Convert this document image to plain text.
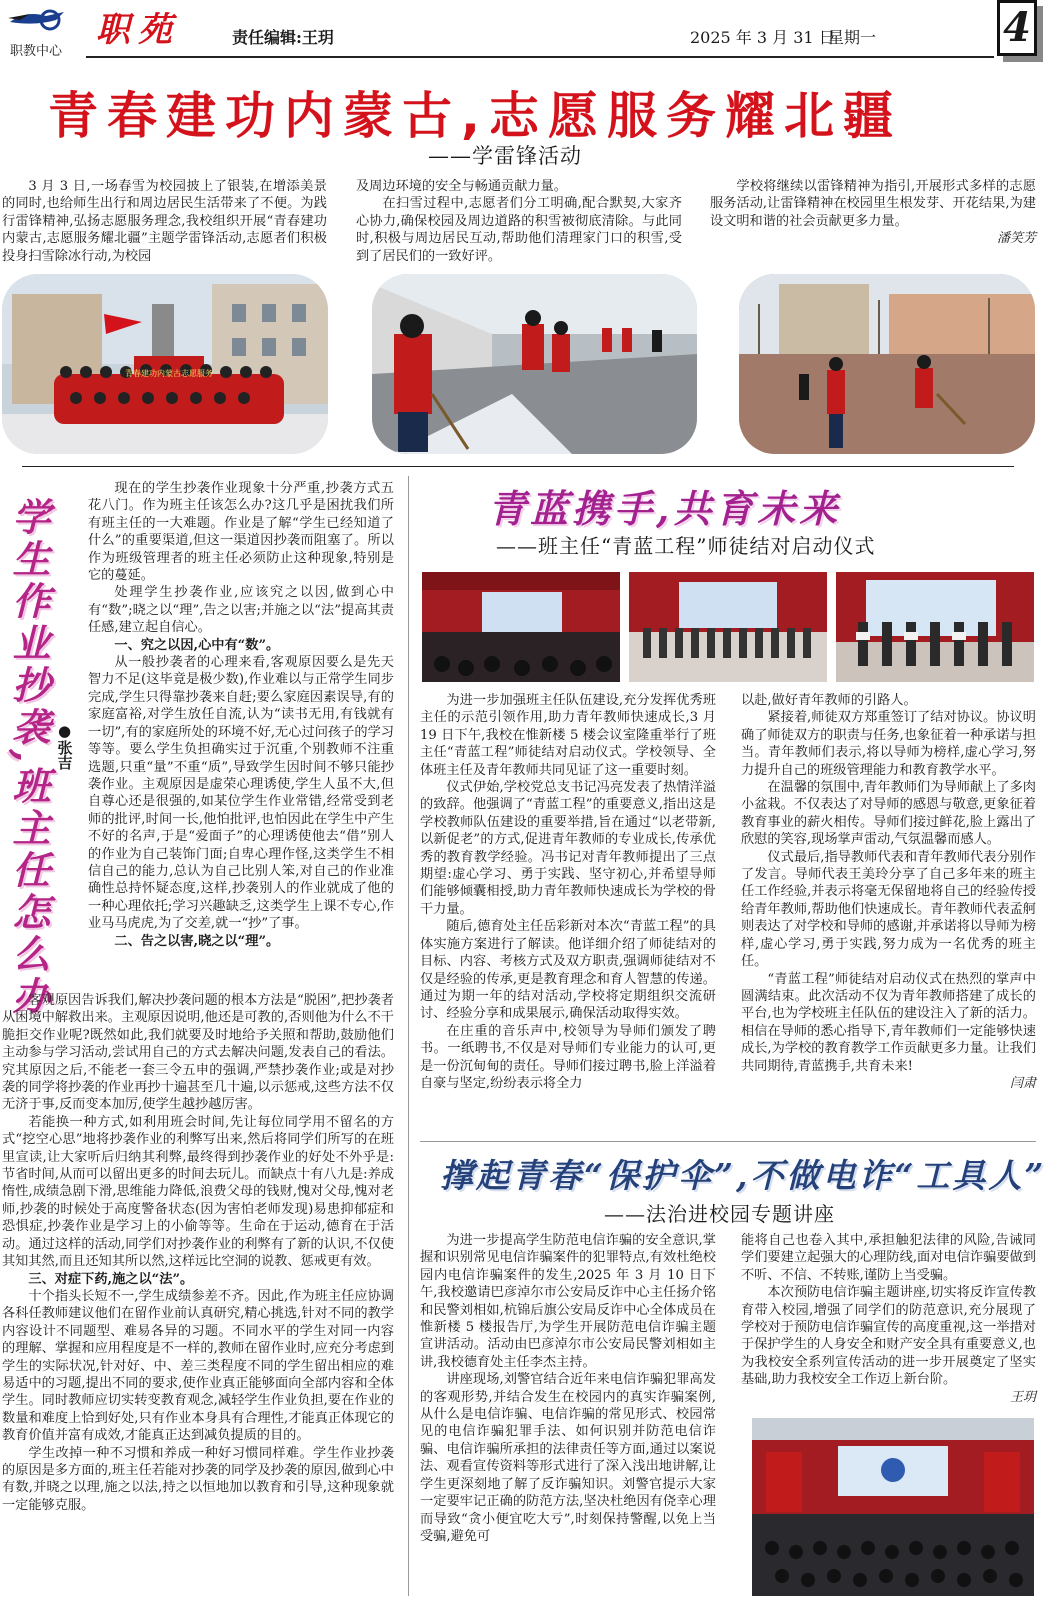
职教中心
职苑	责任编辑:王玥	2025 年 3 月 31 日
星期一	4
青春建功内蒙古,志愿服务耀北疆
——学雷锋活动
3 月 3 日,一场春雪为校园披上了银装,在增添美景的同时,也给师生出行和周边居民生活带来了不便。为践行雷锋精神,弘扬志愿服务理念,我校组织开展“青春建功内蒙古,志愿服务耀北疆”主题学雷锋活动,志愿者们积极投身扫雪除冰行动,为校园

及周边环境的安全与畅通贡献力量。

在扫雪过程中,志愿者们分工明确,配合默契,大家齐心协力,确保校园及周边道路的积雪被彻底清除。与此同时,积极与周边居民互动,帮助他们清理家门口的积雪,受到了居民们的一致好评。

学校将继续以雷锋精神为指引,开展形式多样的志愿服务活动,让雷锋精神在校园里生根发芽、开花结果,为建设文明和谐的社会贡献更多力量。

潘笑芳

青春建功内蒙古志愿服务
学生作业抄袭,班主任怎么办 ●张吉

现在的学生抄袭作业现象十分严重,抄袭方式五花八门。作为班主任该怎么办?这几乎是困扰我们所有班主任的一大难题。作业是了解“学生已经知道了什么”的重要渠道,但这一渠道因抄袭而阻塞了。所以作为班级管理者的班主任必须防止这种现象,特别是它的蔓延。

处理学生抄袭作业,应该究之以因,做到心中有“数”;晓之以“理”,告之以害;并施之以“法”提高其责任感,建立起自信心。

一、究之以因,心中有“数”。

从一般抄袭者的心理来看,客观原因要么是先天智力不足(这毕竟是极少数),作业难以与正常学生同步完成,学生只得靠抄袭来自赶;要么家庭因素误导,有的家庭富裕,对学生放任自流,认为“读书无用,有钱就有一切”,有的家庭所处的环境不好,无心过问孩子的学习等等。要么学生负担确实过于沉重,个别教师不注重选题,只重“量”不重“质”,导致学生因时间不够只能抄袭作业。主观原因是虚荣心理诱使,学生人虽不大,但自尊心还是很强的,如某位学生作业常错,经常受到老师的批评,时间一长,他怕批评,也怕因此在学生中产生不好的名声,于是“爱面子”的心理诱使他去“借”别人的作业为自己装饰门面;自卑心理作怪,这类学生不相信自己的能力,总认为自己比别人笨,对自己的作业准确性总持怀疑态度,这样,抄袭别人的作业就成了他的一种心理依托;学习兴趣缺乏,这类学生上课不专心,作业马马虎虎,为了交差,就一“抄”了事。

二、告之以害,晓之以“理”。

客观原因告诉我们,解决抄袭问题的根本方法是“脱困”,把抄袭者从困境中解救出来。主观原因说明,他还是可教的,否则他为什么不干脆拒交作业呢?既然如此,我们就要及时地给予关照和帮助,鼓励他们主动参与学习活动,尝试用自己的方式去解决问题,发表自己的看法。究其原因之后,不能老一套三令五申的强调,严禁抄袭作业;或是对抄袭的同学将抄袭的作业再抄十遍甚至几十遍,以示惩戒,这些方法不仅无济于事,反而变本加厉,使学生越抄越厉害。

若能换一种方式,如利用班会时间,先让每位同学用不留名的方式“挖空心思”地将抄袭作业的利弊写出来,然后将同学们所写的在班里宣读,让大家听后归纳其利弊,最终得到抄袭作业的好处不外乎是:节省时间,从而可以留出更多的时间去玩儿。而缺点十有八九是:养成惰性,成绩急剧下滑,思维能力降低,浪费父母的钱财,愧对父母,愧对老师,抄袭的时候处于高度警备状态(因为害怕老师发现)易患抑郁症和恐惧症,抄袭作业是学习上的小偷等等。生命在于运动,德育在于活动。通过这样的活动,同学们对抄袭作业的利弊有了新的认识,不仅使其知其然,而且还知其所以然,这样远比空洞的说教、惩戒更有效。

三、对症下药,施之以“法”。

十个指头长短不一,学生成绩参差不齐。因此,作为班主任应协调各科任教师建议他们在留作业前认真研究,精心挑选,针对不同的教学内容设计不同题型、难易各异的习题。不同水平的学生对同一内容的理解、掌握和应用程度是不一样的,教师在留作业时,应充分考虑到学生的实际状况,针对好、中、差三类程度不同的学生留出相应的难易适中的习题,提出不同的要求,使作业真正能够面向全部内容和全体学生。同时教师应切实转变教育观念,减轻学生作业负担,要在作业的数量和难度上恰到好处,只有作业本身具有合理性,才能真正体现它的教育价值并富有成效,才能真正达到减负提质的目的。

学生改掉一种不习惯和养成一种好习惯同样难。学生作业抄袭的原因是多方面的,班主任若能对抄袭的同学及抄袭的原因,做到心中有数,并晓之以理,施之以法,持之以恒地加以教育和引导,这种现象就一定能够克服。

青蓝携手,共育未来
——班主任“青蓝工程”师徒结对启动仪式

为进一步加强班主任队伍建设,充分发挥优秀班主任的示范引领作用,助力青年教师快速成长,3 月 19 日下午,我校在惟新楼 5 楼会议室隆重举行了班主任“青蓝工程”师徒结对启动仪式。学校领导、全体班主任及青年教师共同见证了这一重要时刻。

仪式伊始,学校党总支书记冯亮发表了热情洋溢的致辞。他强调了“青蓝工程”的重要意义,指出这是学校教师队伍建设的重要举措,旨在通过“以老带新,以新促老”的方式,促进青年教师的专业成长,传承优秀的教育教学经验。冯书记对青年教师提出了三点期望:虚心学习、勇于实践、坚守初心,并希望导师们能够倾囊相授,助力青年教师快速成长为学校的骨干力量。

随后,德育处主任岳彩新对本次“青蓝工程”的具体实施方案进行了解读。他详细介绍了师徒结对的目标、内容、考核方式及双方职责,强调师徒结对不仅是经验的传承,更是教育理念和育人智慧的传递。通过为期一年的结对活动,学校将定期组织交流研讨、经验分享和成果展示,确保活动取得实效。

在庄重的音乐声中,校领导为导师们颁发了聘书。一纸聘书,不仅是对导师们专业能力的认可,更是一份沉甸甸的责任。导师们接过聘书,脸上洋溢着自豪与坚定,纷纷表示将全力

以赴,做好青年教师的引路人。

紧接着,师徒双方郑重签订了结对协议。协议明确了师徒双方的职责与任务,也象征着一种承诺与担当。青年教师们表示,将以导师为榜样,虚心学习,努力提升自己的班级管理能力和教育教学水平。

在温馨的氛围中,青年教师们为导师献上了多肉小盆栽。不仅表达了对导师的感恩与敬意,更象征着教育事业的薪火相传。导师们接过鲜花,脸上露出了欣慰的笑容,现场掌声雷动,气氛温馨而感人。

仪式最后,指导教师代表和青年教师代表分别作了发言。导师代表王美玲分享了自己多年来的班主任工作经验,并表示将毫无保留地将自己的经验传授给青年教师,帮助他们快速成长。青年教师代表孟舸则表达了对学校和导师的感谢,并承诺将以导师为榜样,虚心学习,勇于实践,努力成为一名优秀的班主任。

“青蓝工程”师徒结对启动仪式在热烈的掌声中圆满结束。此次活动不仅为青年教师搭建了成长的平台,也为学校班主任队伍的建设注入了新的活力。相信在导师的悉心指导下,青年教师们一定能够快速成长,为学校的教育教学工作贡献更多力量。让我们共同期待,青蓝携手,共育未来!

闫肃

撑起青春“保护伞”,不做电诈“工具人”
——法治进校园专题讲座

为进一步提高学生防范电信诈骗的安全意识,掌握和识别常见电信诈骗案件的犯罪特点,有效杜绝校园内电信诈骗案件的发生,2025 年 3 月 10 日下午,我校邀请巴彦淖尔市公安局反诈中心主任扬介铭和民警刘相如,杭锦后旗公安局反诈中心全体成员在惟新楼 5 楼报告厅,为学生开展防范电信诈骗主题宣讲活动。活动由巴彦淖尔市公安局民警刘相如主讲,我校德育处主任李杰主持。

讲座现场,刘警官结合近年来电信诈骗犯罪高发的客观形势,并结合发生在校园内的真实诈骗案例,从什么是电信诈骗、电信诈骗的常见形式、校园常见的电信诈骗犯罪手法、如何识别并防范电信诈骗、电信诈骗所承担的法律责任等方面,通过以案说法、观看宣传资料等形式进行了深入浅出地讲解,让学生更深刻地了解了反诈骗知识。刘警官提示大家一定要牢记正确的防范方法,坚决杜绝因有侥幸心理而导致“贪小便宜吃大亏”,时刻保持警醒,以免上当受骗,避免可

能将自己也卷入其中,承担触犯法律的风险,告诫同学们要建立起强大的心理防线,面对电信诈骗要做到不听、不信、不转账,谨防上当受骗。

本次预防电信诈骗主题讲座,切实将反诈宣传教育带入校园,增强了同学们的防范意识,充分展现了学校对于预防电信诈骗宣传的高度重视,这一举措对于保护学生的人身安全和财产安全具有重要意义,也为我校安全系列宣传活动的进一步开展奠定了坚实基础,助力我校安全工作迈上新台阶。

王玥
